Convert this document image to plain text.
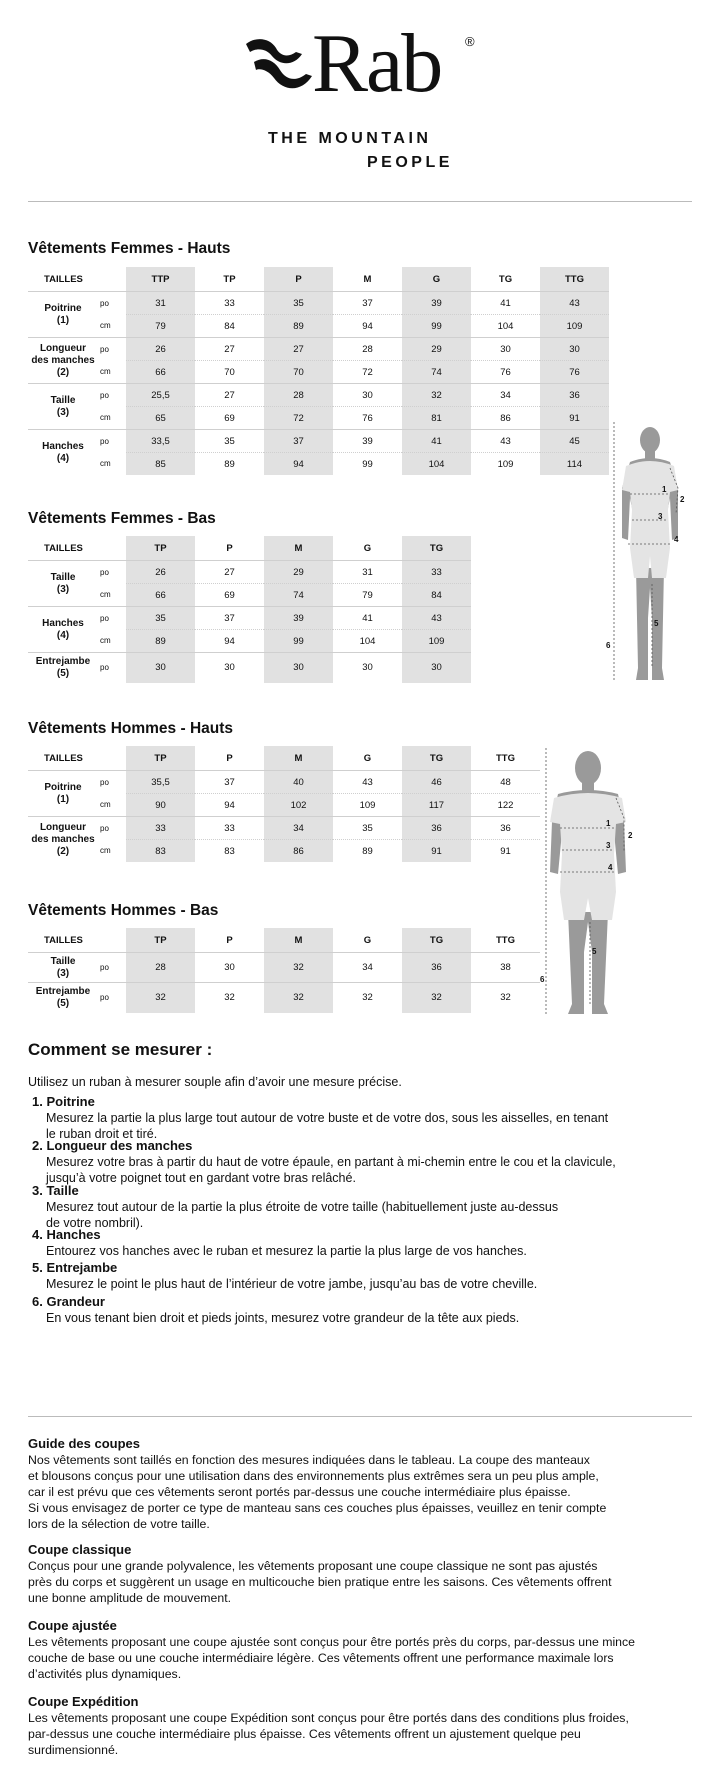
Rab ®
THE MOUNTAIN
PEOPLE
Vêtements Femmes - Hauts
Vêtements Femmes - Bas
Vêtements Hommes - Hauts
Vêtements Hommes - Bas
TAILLES		TTP	TP	P	M	G	TG	TTG
Poitrine
(1)	po	31	33	35	37	39	41	43
	cm	79	84	89	94	99	104	109
Longueur
des manches
(2)	po	26	27	27	28	29	30	30
	cm	66	70	70	72	74	76	76
Taille
(3)	po	25,5	27	28	30	32	34	36
	cm	65	69	72	76	81	86	91
Hanches
(4)	po	33,5	35	37	39	41	43	45
	cm	85	89	94	99	104	109	114
TAILLES		TP	P	M	G	TG
Taille
(3)	po	26	27	29	31	33
	cm	66	69	74	79	84
Hanches
(4)	po	35	37	39	41	43
	cm	89	94	99	104	109
Entrejambe
(5)	po	30	30	30	30	30
TAILLES		TP	P	M	G	TG	TTG
Poitrine
(1)	po	35,5	37	40	43	46	48
	cm	90	94	102	109	117	122
Longueur
des manches
(2)	po	33	33	34	35	36	36
	cm	83	83	86	89	91	91
TAILLES		TP	P	M	G	TG	TTG
Taille
(3)	po	28	30	32	34	36	38
Entrejambe
(5)	po	32	32	32	32	32	32
1
2
3
4
5
6
1
2
3
4
5
6
Comment se mesurer :
Utilisez un ruban à mesurer souple afin d’avoir une mesure précise.
1. Poitrine
Mesurez la partie la plus large tout autour de votre buste et de votre dos, sous les aisselles, en tenant
le ruban droit et tiré.
2. Longueur des manches
Mesurez votre bras à partir du haut de votre épaule, en partant à mi-chemin entre le cou et la clavicule,
jusqu’à votre poignet tout en gardant votre bras relâché.
3. Taille
Mesurez tout autour de la partie la plus étroite de votre taille (habituellement juste au-dessus
de votre nombril).
4. Hanches
Entourez vos hanches avec le ruban et mesurez la partie la plus large de vos hanches.
5. Entrejambe
Mesurez le point le plus haut de l’intérieur de votre jambe, jusqu’au bas de votre cheville.
6. Grandeur
En vous tenant bien droit et pieds joints, mesurez votre grandeur de la tête aux pieds.
Guide des coupes
Nos vêtements sont taillés en fonction des mesures indiquées dans le tableau. La coupe des manteaux
et blousons conçus pour une utilisation dans des environnements plus extrêmes sera un peu plus ample,
car il est prévu que ces vêtements seront portés par-dessus une couche intermédiaire plus épaisse.
Si vous envisagez de porter ce type de manteau sans ces couches plus épaisses, veuillez en tenir compte
lors de la sélection de votre taille.
Coupe classique
Conçus pour une grande polyvalence, les vêtements proposant une coupe classique ne sont pas ajustés
près du corps et suggèrent un usage en multicouche bien pratique entre les saisons. Ces vêtements offrent
une bonne amplitude de mouvement.
Coupe ajustée
Les vêtements proposant une coupe ajustée sont conçus pour être portés près du corps, par-dessus une mince
couche de base ou une couche intermédiaire légère. Ces vêtements offrent une performance maximale lors
d’activités plus dynamiques.
Coupe Expédition
Les vêtements proposant une coupe Expédition sont conçus pour être portés dans des conditions plus froides,
par-dessus une couche intermédiaire plus épaisse. Ces vêtements offrent un ajustement quelque peu
surdimensionné.
